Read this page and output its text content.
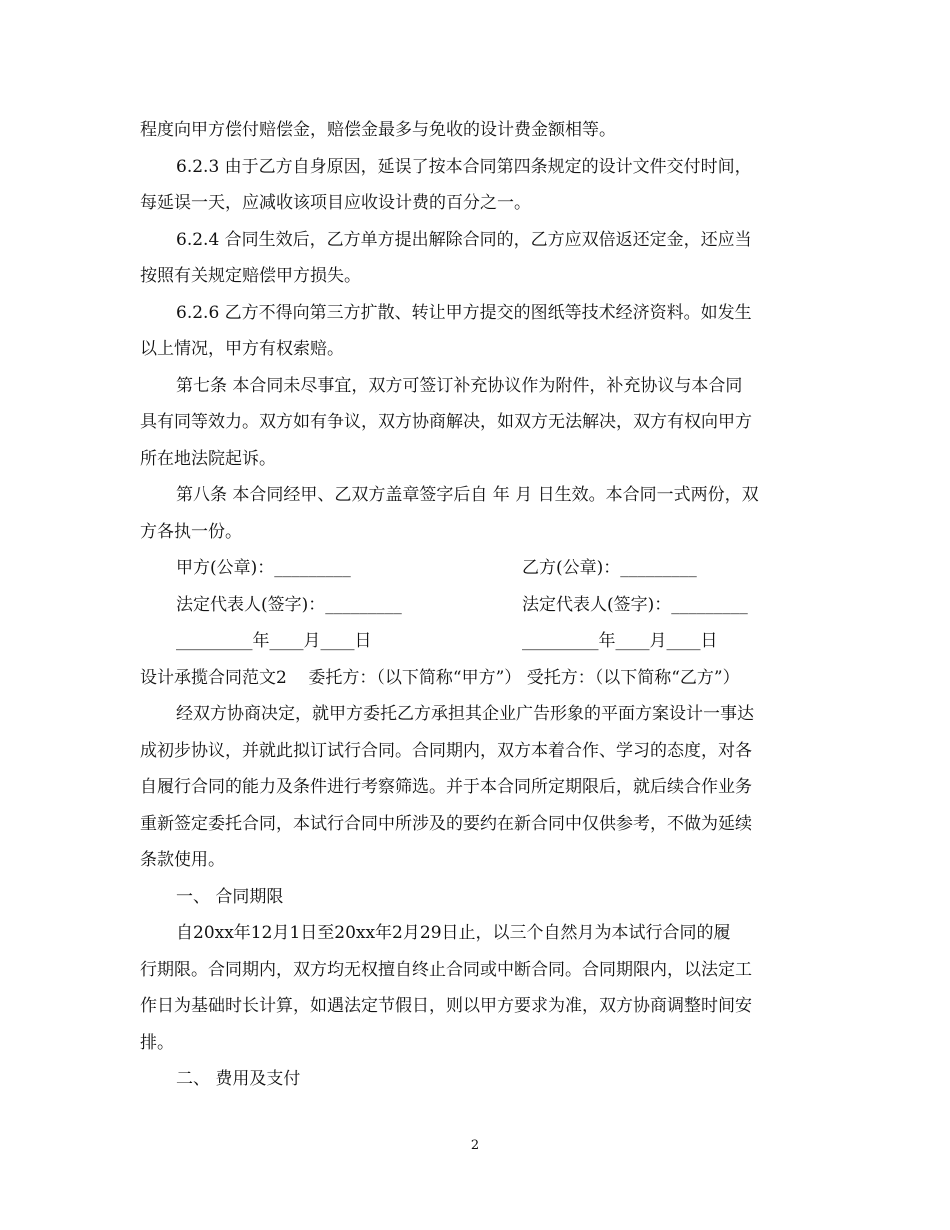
程度向甲方偿付赔偿金，赔偿金最多与免收的设计费金额相等。
6.2.3 由于乙方自身原因，延误了按本合同第四条规定的设计文件交付时间，
每延误一天，应减收该项目应收设计费的百分之一。
6.2.4 合同生效后，乙方单方提出解除合同的，乙方应双倍返还定金，还应当
按照有关规定赔偿甲方损失。
6.2.6 乙方不得向第三方扩散、转让甲方提交的图纸等技术经济资料。如发生
以上情况，甲方有权索赔。
第七条 本合同未尽事宜，双方可签订补充协议作为附件，补充协议与本合同
具有同等效力。双方如有争议，双方协商解决，如双方无法解决，双方有权向甲方
所在地法院起诉。
第八条 本合同经甲、乙双方盖章签字后自 年 月 日生效。本合同一式两份，双
方各执一份。
甲方(公章)：_________	乙方(公章)：_________
法定代表人(签字)：_________	法定代表人(签字)：_________
_________年____月____日	_________年____月____日
设计承揽合同范文2    委托方：（以下简称“甲方”） 受托方：（以下简称“乙方”）
经双方协商决定，就甲方委托乙方承担其企业广告形象的平面方案设计一事达
成初步协议，并就此拟订试行合同。合同期内，双方本着合作、学习的态度，对各
自履行合同的能力及条件进行考察筛选。并于本合同所定期限后，就后续合作业务
重新签定委托合同，本试行合同中所涉及的要约在新合同中仅供参考，不做为延续
条款使用。
一、 合同期限
自20xx年12月1日至20xx年2月29日止，以三个自然月为本试行合同的履
行期限。合同期内，双方均无权擅自终止合同或中断合同。合同期限内，以法定工
作日为基础时长计算，如遇法定节假日，则以甲方要求为准，双方协商调整时间安
排。
二、 费用及支付
2
